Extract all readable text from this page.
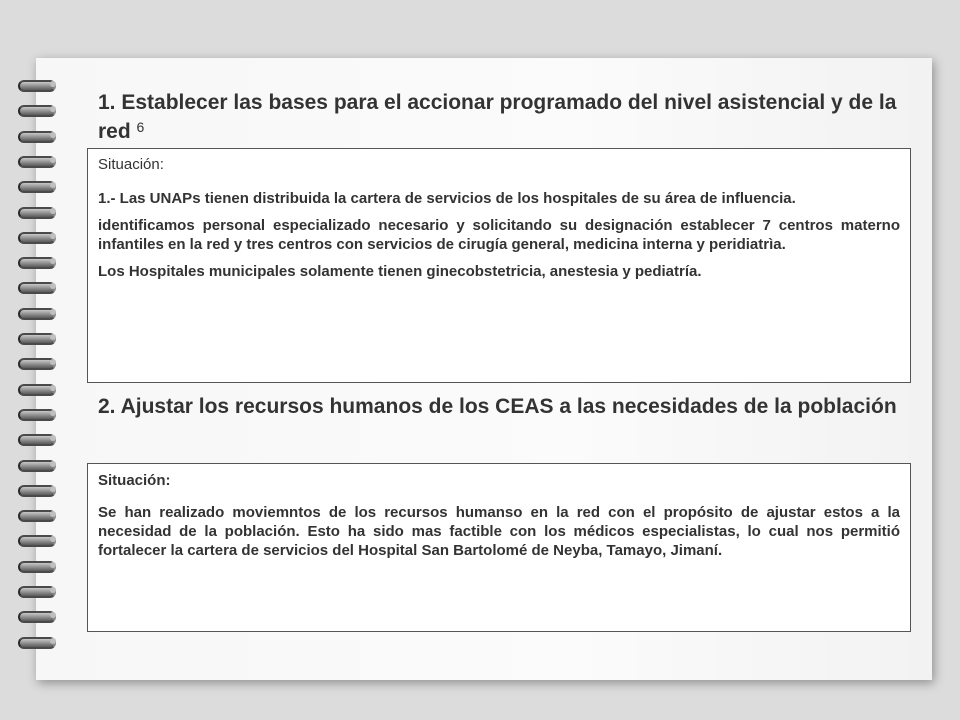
1. Establecer las bases para el accionar programado del nivel asistencial y de la red $^6$

Situación:

1.- Las UNAPs tienen distribuida la cartera de servicios de los hospitales de su área de influencia.

identificamos personal especializado necesario y solicitando su designación establecer 7 centros materno infantiles en la red y tres centros con servicios de cirugía general, medicina interna y peridiatrìa.

Los Hospitales municipales solamente tienen ginecobstetricia, anestesia y pediatría.

2. Ajustar los recursos humanos de los CEAS a las necesidades de la población

Situación:

Se han realizado moviemntos de los recursos humanso en la red con el propósito de ajustar estos a la necesidad de la población. Esto ha sido mas factible con los médicos especialistas, lo cual nos permitió fortalecer la cartera de servicios del Hospital San Bartolomé de Neyba, Tamayo, Jimaní.
